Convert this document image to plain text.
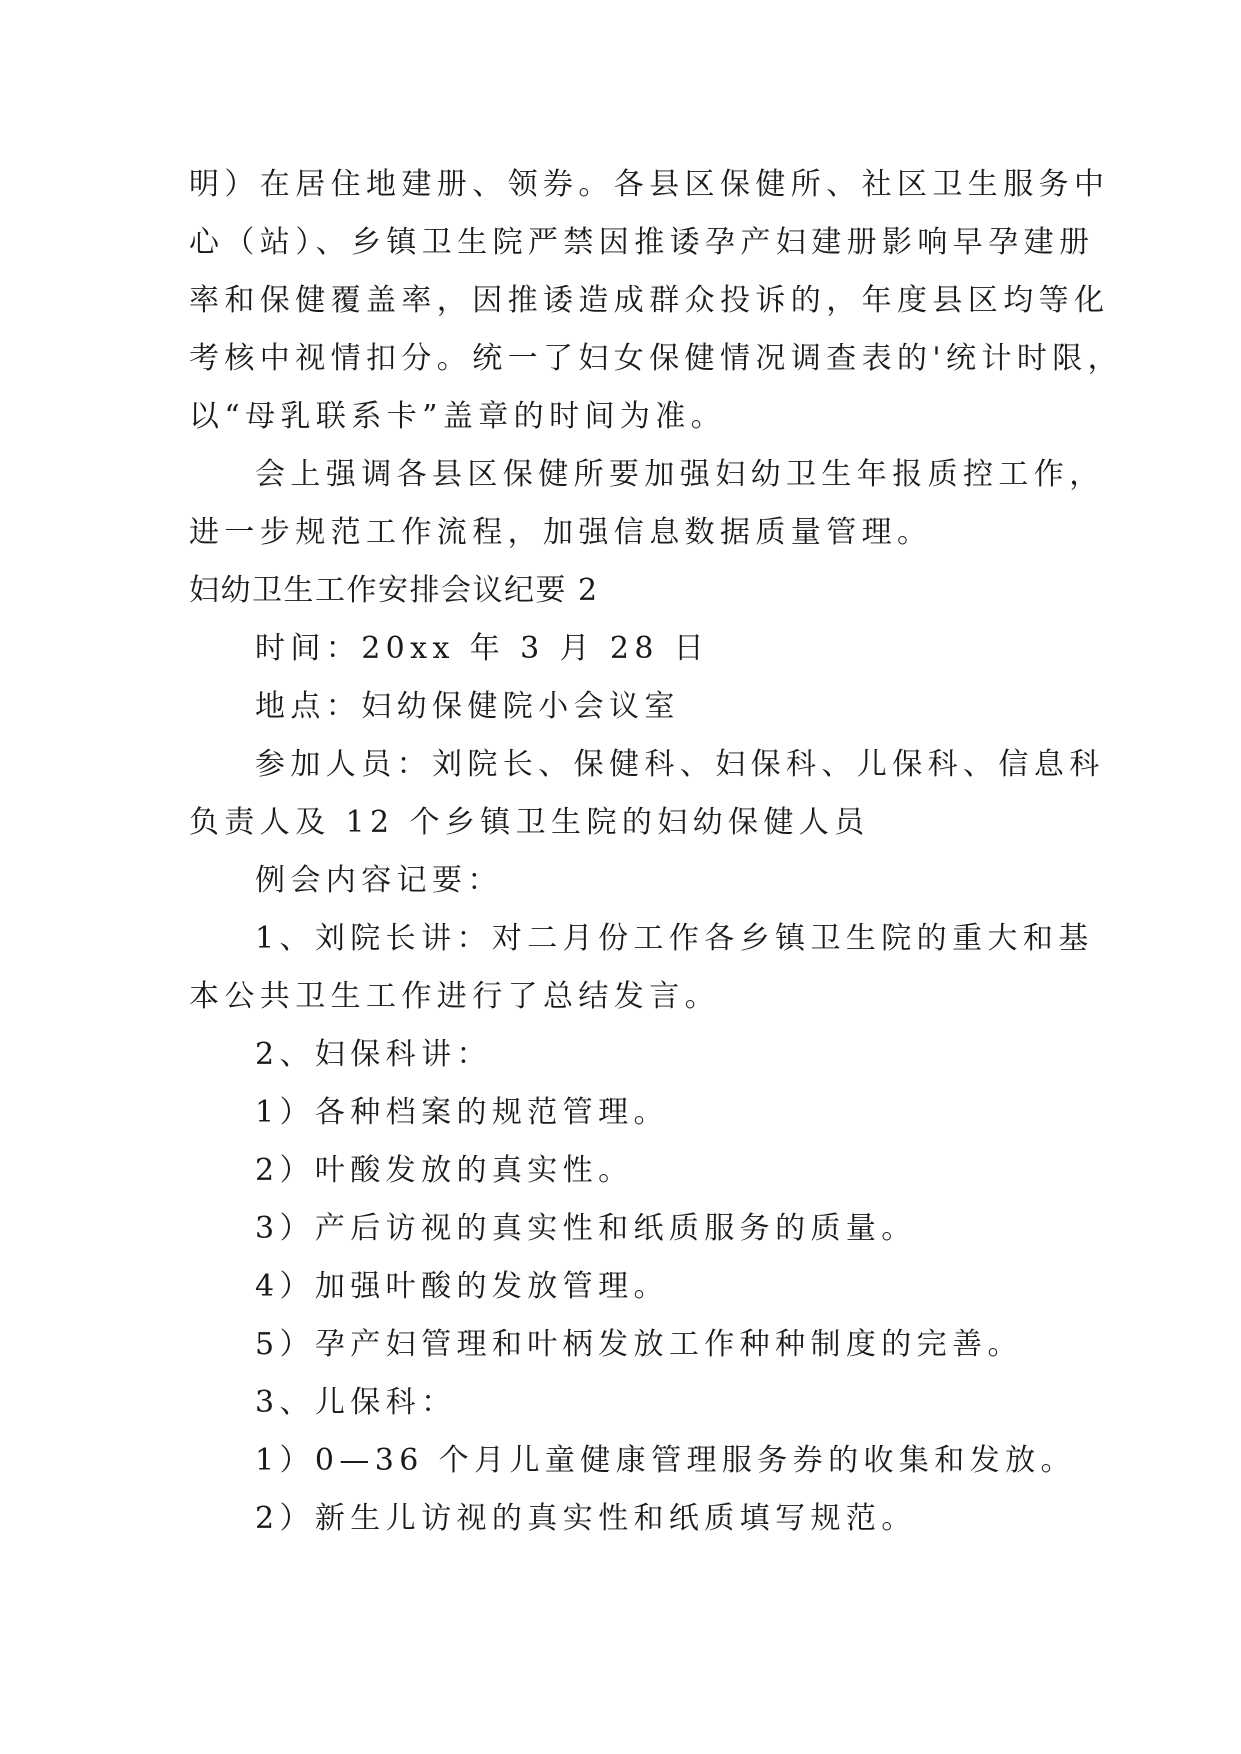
明）在居住地建册、领券。各县区保健所、社区卫生服务中
心（站）、乡镇卫生院严禁因推诿孕产妇建册影响早孕建册
率和保健覆盖率，因推诿造成群众投诉的，年度县区均等化
考核中视情扣分。统一了妇女保健情况调查表的'统计时限，
以“母乳联系卡”盖章的时间为准。
会上强调各县区保健所要加强妇幼卫生年报质控工作，
进一步规范工作流程，加强信息数据质量管理。
妇幼卫生工作安排会议纪要 2
时间：20xx 年 3 月 28 日
地点：妇幼保健院小会议室
参加人员：刘院长、保健科、妇保科、儿保科、信息科
负责人及 12 个乡镇卫生院的妇幼保健人员
例会内容记要：
1、刘院长讲：对二月份工作各乡镇卫生院的重大和基
本公共卫生工作进行了总结发言。
2、妇保科讲：
1）各种档案的规范管理。
2）叶酸发放的真实性。
3）产后访视的真实性和纸质服务的质量。
4）加强叶酸的发放管理。
5）孕产妇管理和叶柄发放工作种种制度的完善。
3、儿保科：
1）0—36 个月儿童健康管理服务券的收集和发放。
2）新生儿访视的真实性和纸质填写规范。
